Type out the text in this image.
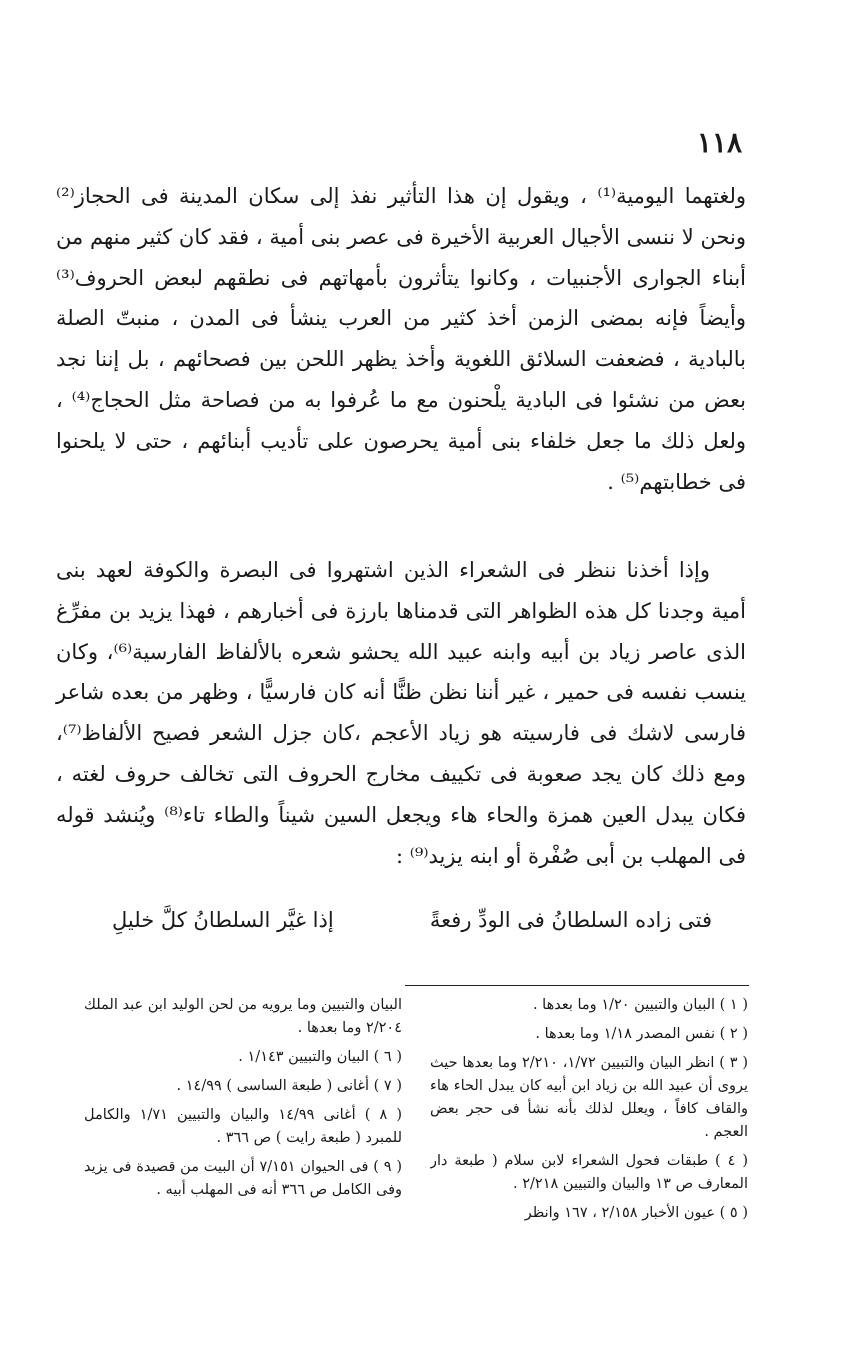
١١٨
ولغتهما اليومية⁽¹⁾ ، ويقول إن هذا التأثير نفذ إلى سكان المدينة فى الحجاز⁽²⁾ ونحن لا ننسى الأجيال العربية الأخيرة فى عصر بنى أمية ، فقد كان كثير منهم من أبناء الجوارى الأجنبيات ، وكانوا يتأثرون بأمهاتهم فى نطقهم لبعض الحروف⁽³⁾ وأيضاً فإنه بمضى الزمن أخذ كثير من العرب ينشأ فى المدن ، منبتّ الصلة بالبادية ، فضعفت السلائق اللغوية وأخذ يظهر اللحن بين فصحائهم ، بل إننا نجد بعض من نشئوا فى البادية يلْحنون مع ما عُرفوا به من فصاحة مثل الحجاج⁽⁴⁾ ، ولعل ذلك ما جعل خلفاء بنى أمية يحرصون على تأديب أبنائهم ، حتى لا يلحنوا فى خطابتهم⁽⁵⁾ .
وإذا أخذنا ننظر فى الشعراء الذين اشتهروا فى البصرة والكوفة لعهد بنى أمية وجدنا كل هذه الظواهر التى قدمناها بارزة فى أخبارهم ، فهذا يزيد بن مفرِّغ الذى عاصر زياد بن أبيه وابنه عبيد الله يحشو شعره بالألفاظ الفارسية⁽⁶⁾، وكان ينسب نفسه فى حمير ، غير أننا نظن ظنًّا أنه كان فارسيًّا ، وظهر من بعده شاعر فارسى لاشك فى فارسيته هو زياد الأعجم ،كان جزل الشعر فصيح الألفاظ⁽⁷⁾، ومع ذلك كان يجد صعوبة فى تكييف مخارج الحروف التى تخالف حروف لغته ، فكان يبدل العين همزة والحاء هاء ويجعل السين شيناً والطاء تاء⁽⁸⁾ ويُنشد قوله فى المهلب بن أبى صُفْرة أو ابنه يزيد⁽⁹⁾ :
فتى زاده السلطانُ فى الودِّ رفعةً
إذا غيَّر السلطانُ كلَّ خليلِ
( ١ ) البيان والتبيين ١/٢٠ وما بعدها .
( ٢ ) نفس المصدر ١/١٨ وما بعدها .
( ٣ ) انظر البيان والتبيين ١/٧٢، ٢/٢١٠ وما بعدها حيث يروى أن عبيد الله بن زياد ابن أبيه كان يبدل الحاء هاء والقاف كافاً ، ويعلل لذلك بأنه نشأ فى حجر بعض العجم .
( ٤ ) طبقات فحول الشعراء لابن سلام ( طبعة دار المعارف ص ١٣ والبيان والتبيين ٢/٢١٨ .
( ٥ ) عيون الأخبار ٢/١٥٨ ، ١٦٧ وانظر
البيان والتبيين وما يرويه من لحن الوليد ابن عبد الملك ٢/٢٠٤ وما بعدها .
( ٦ ) البيان والتبيين ١/١٤٣ .
( ٧ ) أغانى ( طبعة الساسى ) ١٤/٩٩ .
( ٨ ) أغانى ١٤/٩٩ والبيان والتبيين ١/٧١ والكامل للمبرد ( طبعة رايت ) ص ٣٦٦ .
( ٩ ) فى الحيوان ٧/١٥١ أن البيت من قصيدة فى يزيد وفى الكامل ص ٣٦٦ أنه فى المهلب أبيه .
